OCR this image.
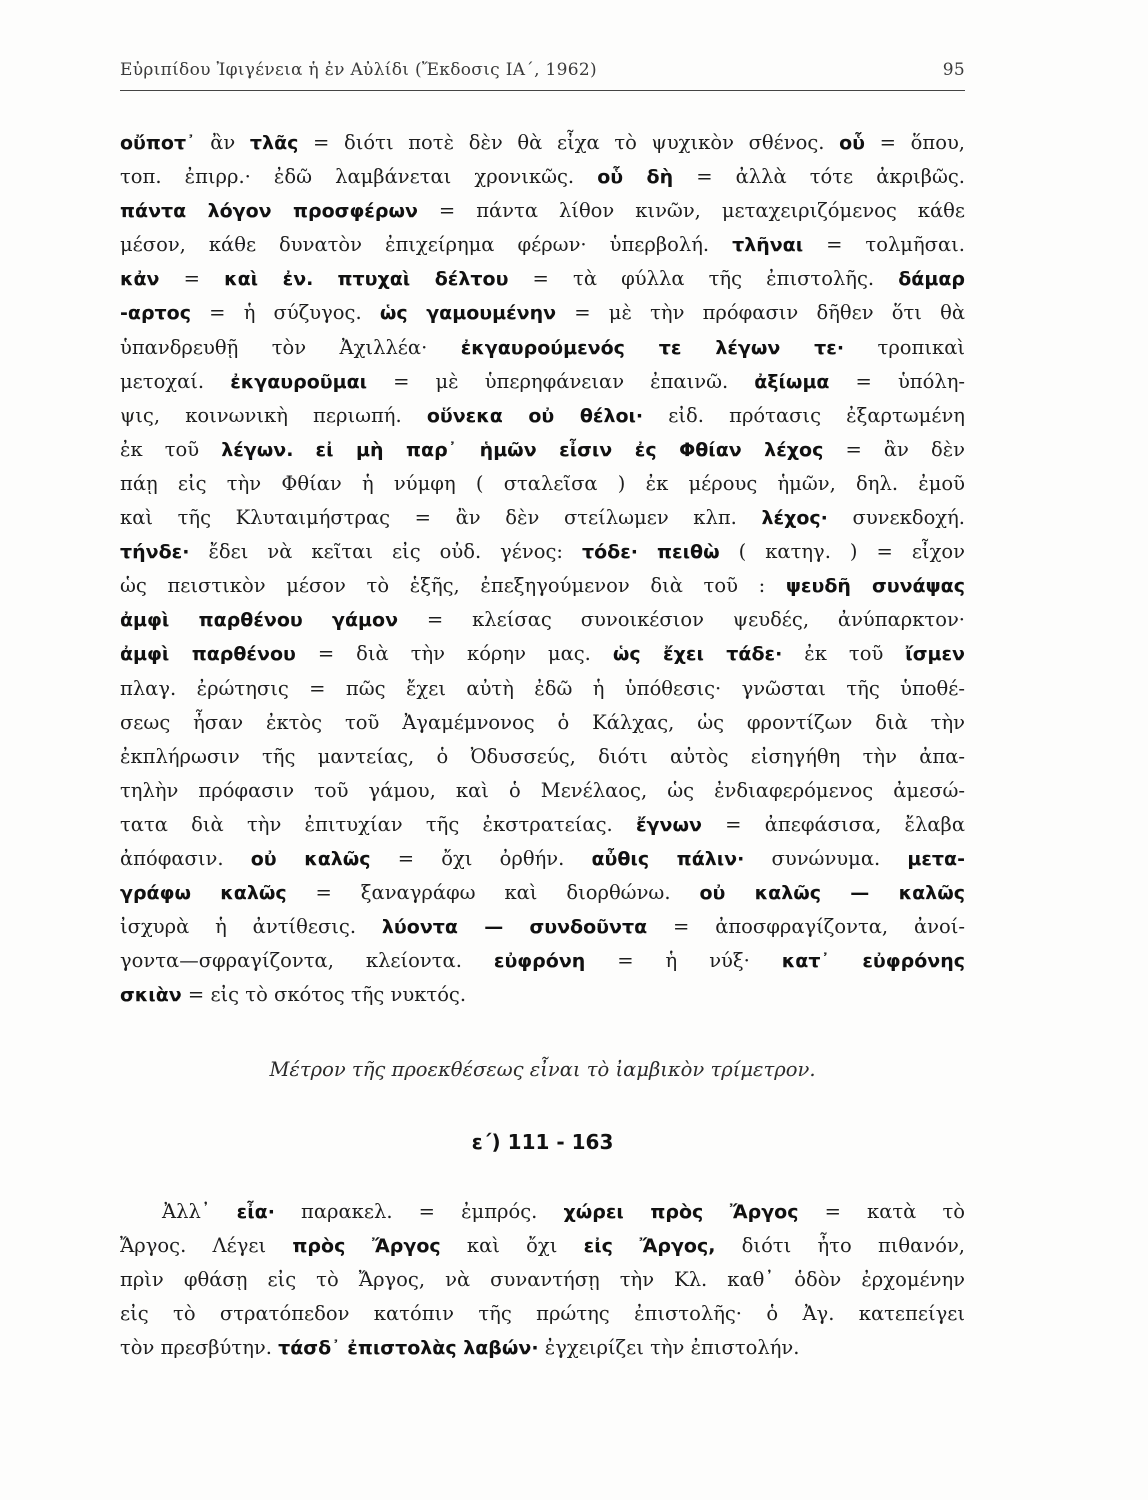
Εὐριπίδου Ἰφιγένεια ἡ ἐν Αὐλίδι (Ἔκδοσις ΙΑ΄, 1962)	95
οὔποτ᾽ ἂν τλᾶς = διότι ποτὲ δὲν θὰ εἶχα τὸ ψυχικὸν σθένος. οὗ = ὅπου,
τοπ. ἐπιρρ.· ἐδῶ λαμβάνεται χρονικῶς. οὗ δὴ = ἀλλὰ τότε ἀκριβῶς.
πάντα λόγον προσφέρων = πάντα λίθον κινῶν, μεταχειριζόμενος κάθε
μέσον, κάθε δυνατὸν ἐπιχείρημα φέρων· ὑπερβολή. τλῆναι = τολμῆσαι.
κἀν = καὶ ἐν. πτυχαὶ δέλτου = τὰ φύλλα τῆς ἐπιστολῆς. δάμαρ
-αρτος = ἡ σύζυγος. ὡς γαμουμένην = μὲ τὴν πρόφασιν δῆθεν ὅτι θὰ
ὑπανδρευθῇ τὸν Ἀχιλλέα· ἐκγαυρούμενός τε λέγων τε· τροπικαὶ
μετοχαί. ἐκγαυροῦμαι = μὲ ὑπερηφάνειαν ἐπαινῶ. ἀξίωμα = ὑπόλη-
ψις, κοινωνικὴ περιωπή. οὕνεκα οὐ θέλοι· εἰδ. πρότασις ἐξαρτωμένη
ἐκ τοῦ λέγων. εἰ μὴ παρ᾽ ἡμῶν εἶσιν ἐς Φθίαν λέχος = ἂν δὲν
πάῃ εἰς τὴν Φθίαν ἡ νύμφη ( σταλεῖσα ) ἐκ μέρους ἡμῶν, δηλ. ἐμοῦ
καὶ τῆς Κλυταιμήστρας = ἂν δὲν στείλωμεν κλπ. λέχος· συνεκδοχή.
τήνδε· ἔδει νὰ κεῖται εἰς οὐδ. γένος: τόδε· πειθὼ ( κατηγ. ) = εἶχον
ὡς πειστικὸν μέσον τὸ ἑξῆς, ἐπεξηγούμενον διὰ τοῦ : ψευδῆ συνάψας
ἀμφὶ παρθένου γάμον = κλείσας συνοικέσιον ψευδές, ἀνύπαρκτον·
ἀμφὶ παρθένου = διὰ τὴν κόρην μας. ὡς ἔχει τάδε· ἐκ τοῦ ἴσμεν
πλαγ. ἐρώτησις = πῶς ἔχει αὐτὴ ἐδῶ ἡ ὑπόθεσις· γνῶσται τῆς ὑποθέ-
σεως ἦσαν ἐκτὸς τοῦ Ἀγαμέμνονος ὁ Κάλχας, ὡς φροντίζων διὰ τὴν
ἐκπλήρωσιν τῆς μαντείας, ὁ Ὀδυσσεύς, διότι αὐτὸς εἰσηγήθη τὴν ἀπα-
τηλὴν πρόφασιν τοῦ γάμου, καὶ ὁ Μενέλαος, ὡς ἐνδιαφερόμενος ἀμεσώ-
τατα διὰ τὴν ἐπιτυχίαν τῆς ἐκστρατείας. ἔγνων = ἀπεφάσισα, ἔλαβα
ἀπόφασιν. οὐ καλῶς = ὄχι ὀρθήν. αὖθις πάλιν· συνώνυμα. μετα-
γράφω καλῶς = ξαναγράφω καὶ διορθώνω. οὐ καλῶς — καλῶς
ἰσχυρὰ ἡ ἀντίθεσις. λύοντα — συνδοῦντα = ἀποσφραγίζοντα, ἀνοί-
γοντα—σφραγίζοντα, κλείοντα. εὐφρόνη = ἡ νύξ· κατ᾽ εὐφρόνης
σκιὰν = εἰς τὸ σκότος τῆς νυκτός.
Μέτρον τῆς προεκθέσεως εἶναι τὸ ἰαμβικὸν τρίμετρον.
ε΄) 111 - 163
Ἀλλ᾽ εἶα· παρακελ. = ἐμπρός. χώρει πρὸς Ἄργος = κατὰ τὸ
Ἄργος. Λέγει πρὸς Ἄργος καὶ ὄχι εἰς Ἄργος, διότι ἦτο πιθανόν,
πρὶν φθάσῃ εἰς τὸ Ἄργος, νὰ συναντήσῃ τὴν Κλ. καθ᾽ ὁδὸν ἐρχομένην
εἰς τὸ στρατόπεδον κατόπιν τῆς πρώτης ἐπιστολῆς· ὁ Ἀγ. κατεπείγει
τὸν πρεσβύτην. τάσδ᾽ ἐπιστολὰς λαβών· ἐγχειρίζει τὴν ἐπιστολήν.
